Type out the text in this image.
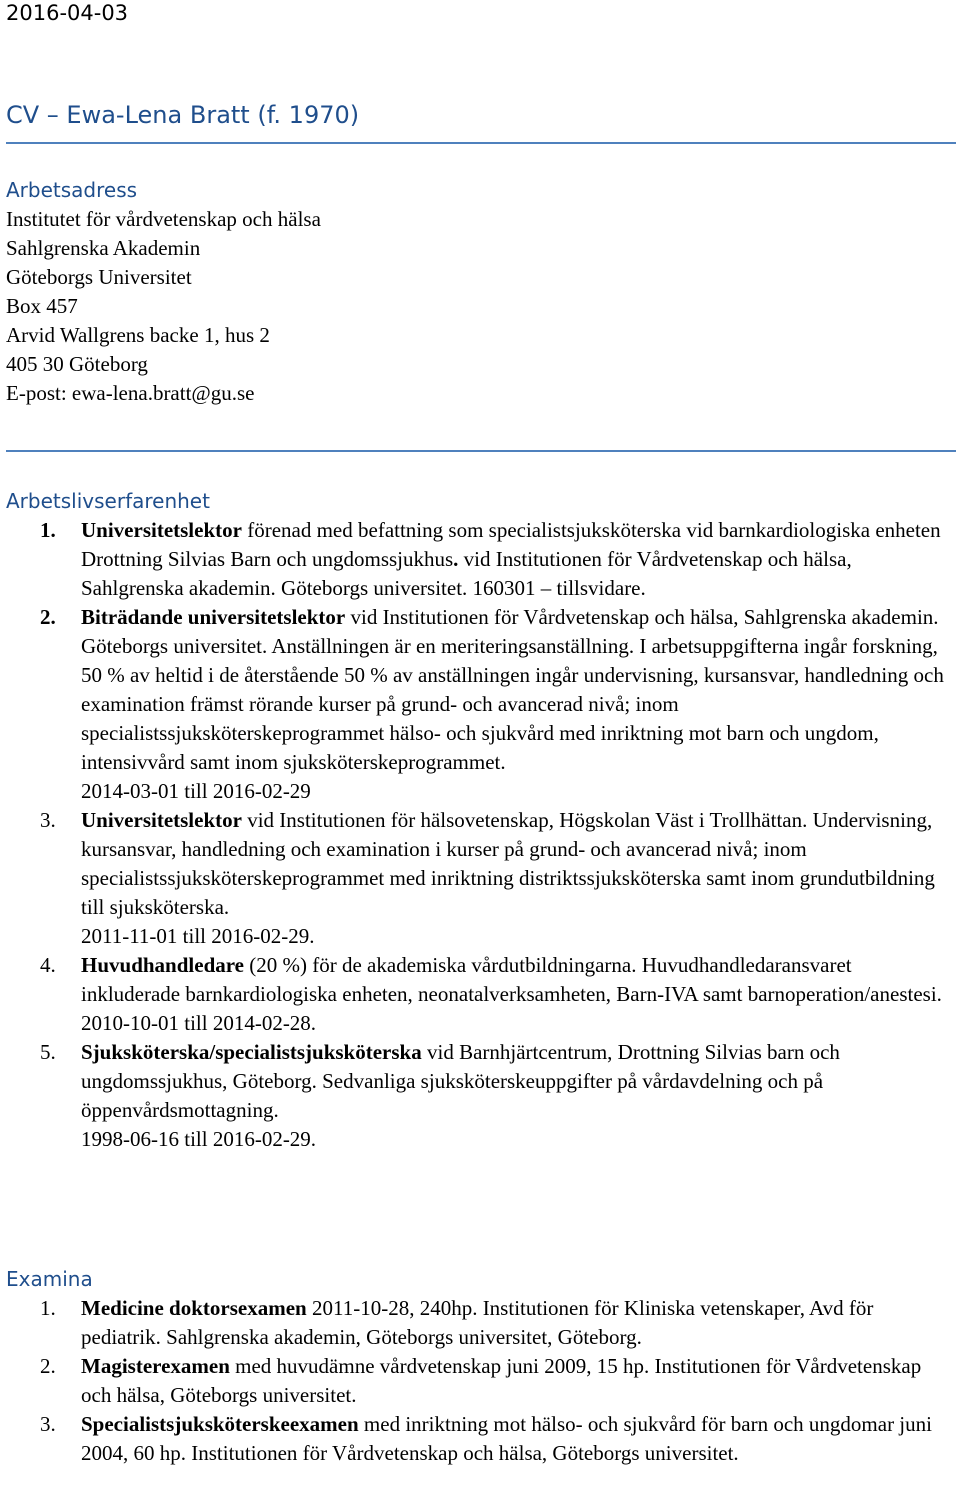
2016-04-03
CV – Ewa-Lena Bratt (f. 1970)
Arbetsadress
Institutet för vårdvetenskap och hälsa
Sahlgrenska Akademin
Göteborgs Universitet
Box 457
Arvid Wallgrens backe 1, hus 2
405 30 Göteborg
E-post: ewa-lena.bratt@gu.se
Arbetslivserfarenhet
1. Universitetslektor förenad med befattning som specialistsjuksköterska vid barnkardiologiska enheten Drottning Silvias Barn och ungdomssjukhus. vid Institutionen för Vårdvetenskap och hälsa, Sahlgrenska akademin. Göteborgs universitet. 160301 – tillsvidare.
2. Biträdande universitetslektor vid Institutionen för Vårdvetenskap och hälsa, Sahlgrenska akademin. Göteborgs universitet. Anställningen är en meriteringsanställning. I arbetsuppgifterna ingår forskning, 50 % av heltid i de återstående 50 % av anställningen ingår undervisning, kursansvar, handledning och examination främst rörande kurser på grund- och avancerad nivå; inom specialistssjuksköterskeprogrammet hälso- och sjukvård med inriktning mot barn och ungdom, intensivvård samt inom sjuksköterskeprogrammet.
2014-03-01 till 2016-02-29
3. Universitetslektor vid Institutionen för hälsovetenskap, Högskolan Väst i Trollhättan. Undervisning, kursansvar, handledning och examination i kurser på grund- och avancerad nivå; inom specialistssjuksköterskeprogrammet med inriktning distriktssjuksköterska samt inom grundutbildning till sjuksköterska.
2011-11-01 till 2016-02-29.
4. Huvudhandledare (20 %) för de akademiska vårdutbildningarna. Huvudhandledaransvaret inkluderade barnkardiologiska enheten, neonatalverksamheten, Barn-IVA samt barnoperation/anestesi.
2010-10-01 till 2014-02-28.
5. Sjuksköterska/specialistsjuksköterska vid Barnhjärtcentrum, Drottning Silvias barn och ungdomssjukhus, Göteborg. Sedvanliga sjuksköterskeuppgifter på vårdavdelning och på öppenvårdsmottagning.
1998-06-16 till 2016-02-29.
Examina
1. Medicine doktorsexamen 2011-10-28, 240hp. Institutionen för Kliniska vetenskaper, Avd för pediatrik. Sahlgrenska akademin, Göteborgs universitet, Göteborg.
2. Magisterexamen med huvudämne vårdvetenskap juni 2009, 15 hp. Institutionen för Vårdvetenskap och hälsa, Göteborgs universitet.
3. Specialistsjuksköterskeexamen med inriktning mot hälso- och sjukvård för barn och ungdomar juni 2004, 60 hp. Institutionen för Vårdvetenskap och hälsa, Göteborgs universitet.
